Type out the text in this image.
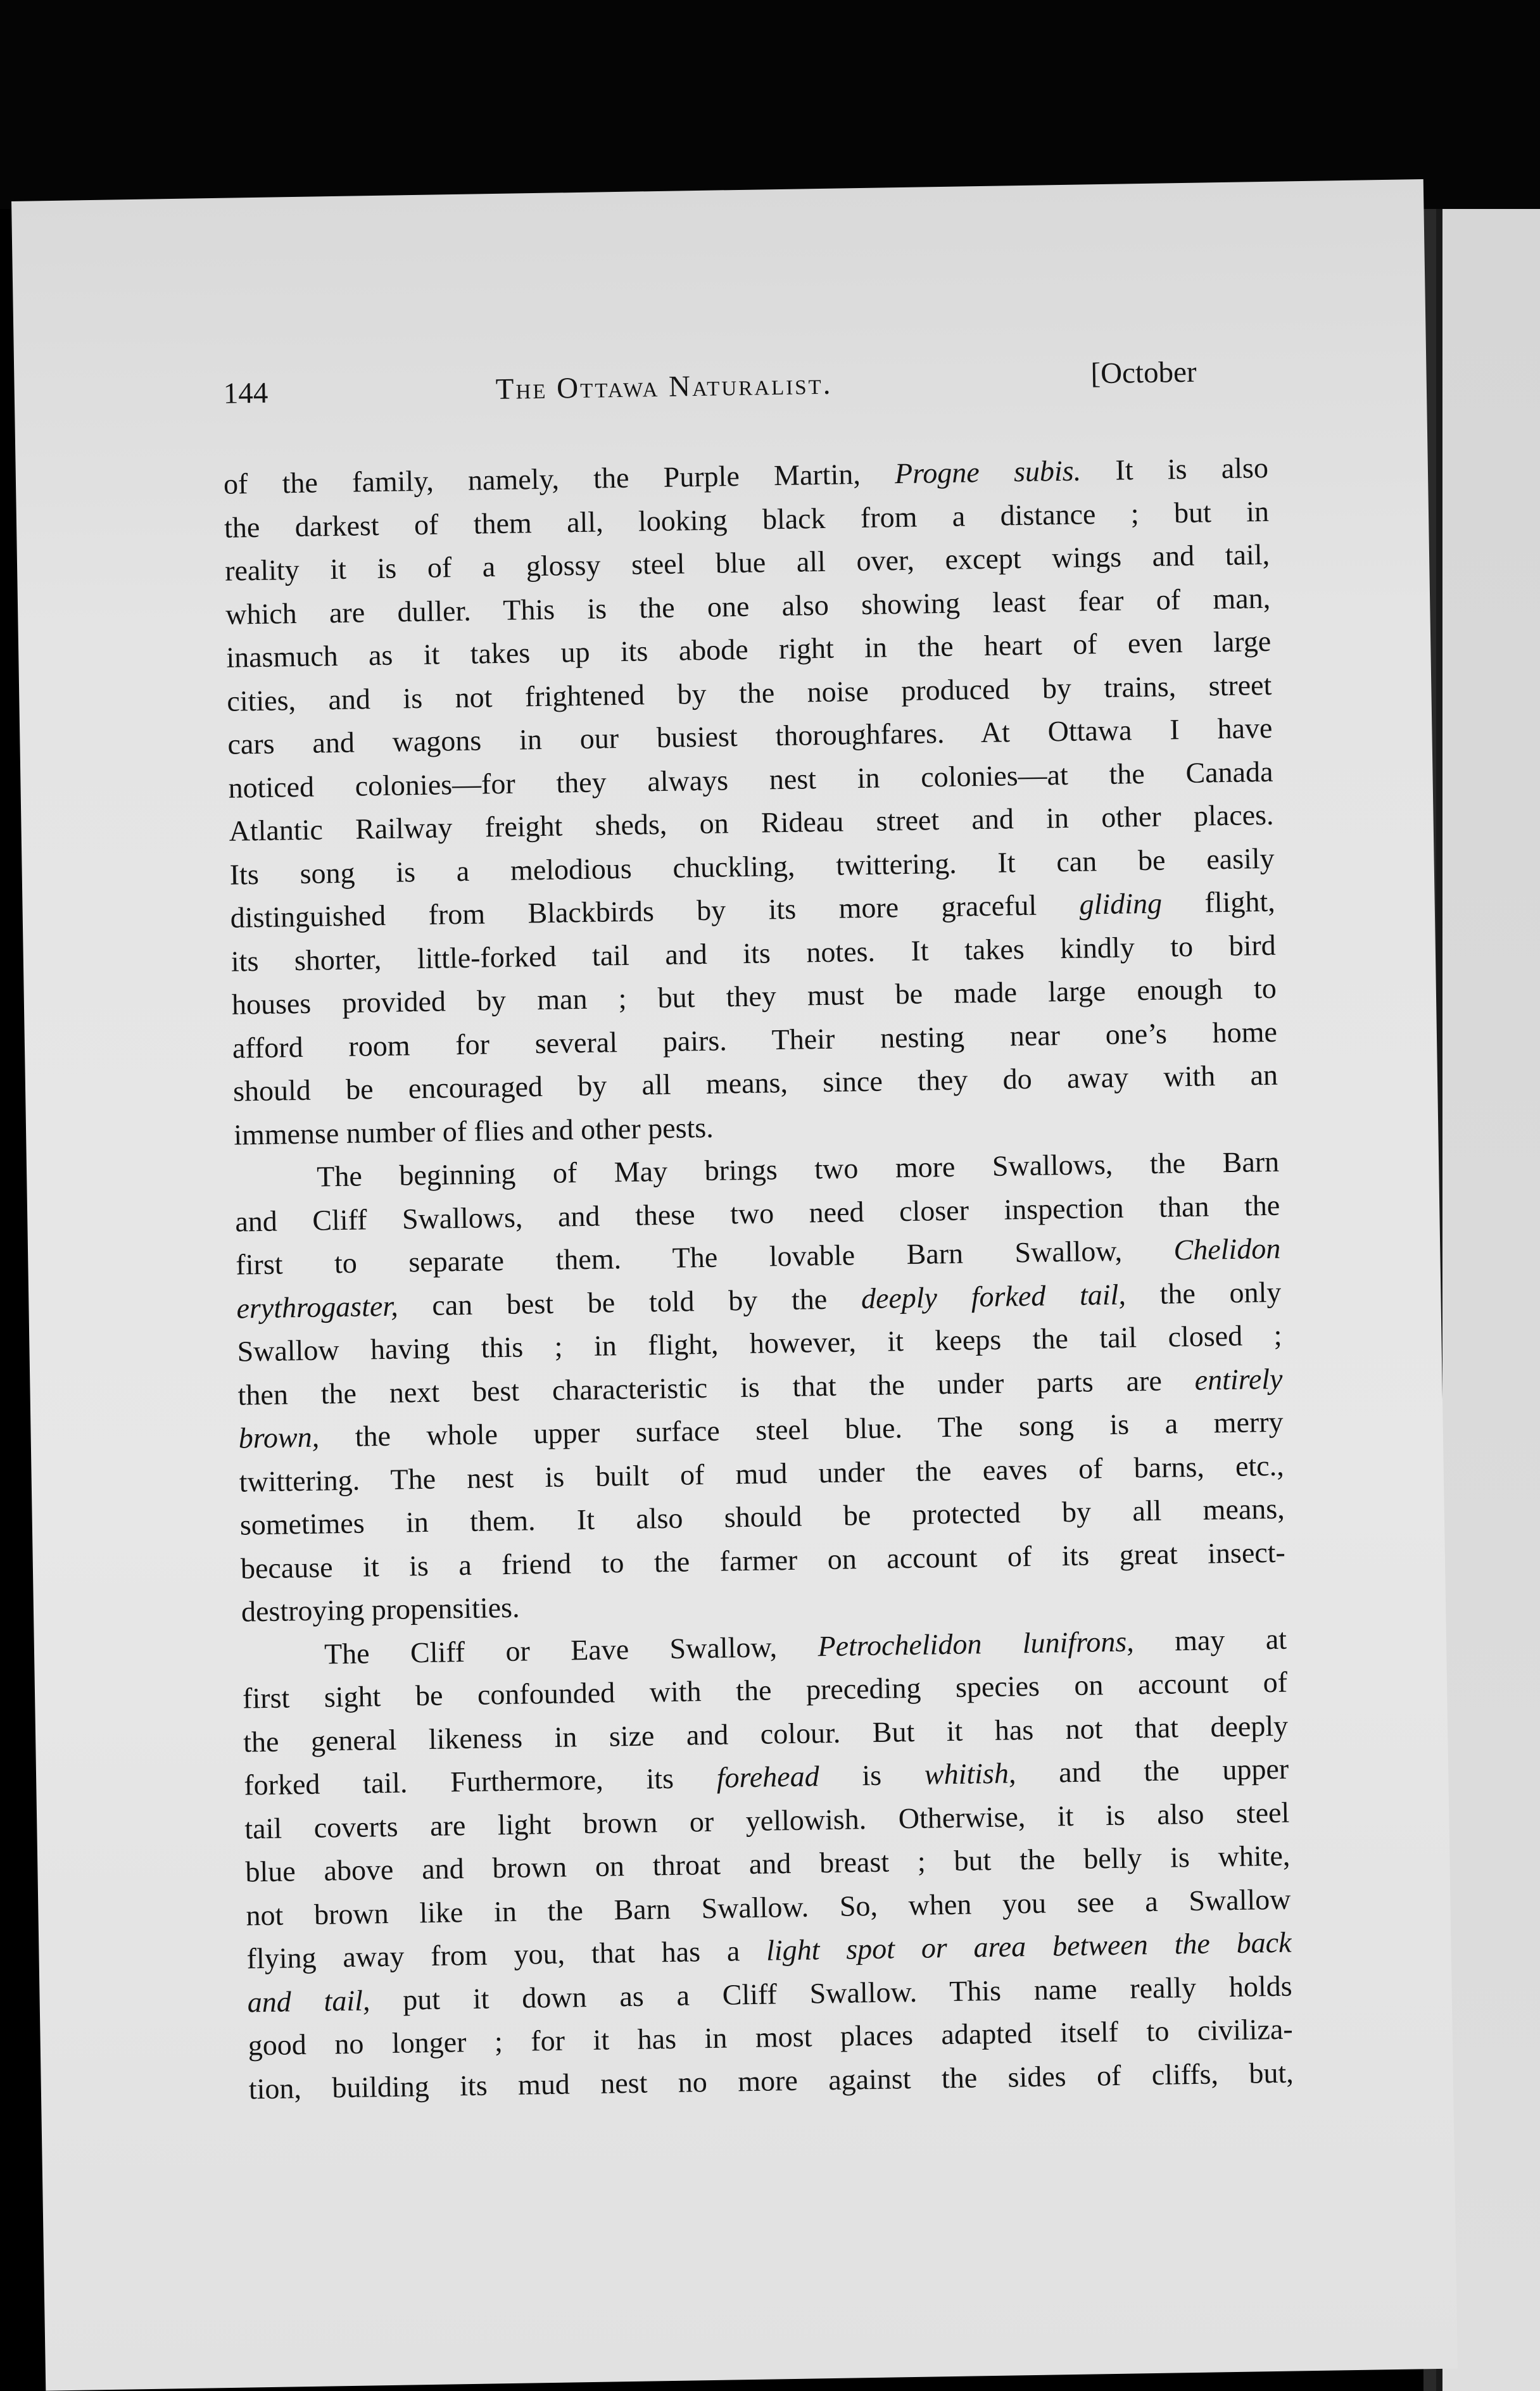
144	The Ottawa Naturalist.	[October
of the family, namely, the Purple Martin, Progne subis. It is also
the darkest of them all, looking black from a distance ; but in
reality it is of a glossy steel blue all over, except wings and tail,
which are duller. This is the one also showing least fear of man,
inasmuch as it takes up its abode right in the heart of even large
cities, and is not frightened by the noise produced by trains, street
cars and wagons in our busiest thoroughfares. At Ottawa I have
noticed colonies—for they always nest in colonies—at the Canada
Atlantic Railway freight sheds, on Rideau street and in other places.
Its song is a melodious chuckling, twittering. It can be easily
distinguished from Blackbirds by its more graceful gliding flight,
its shorter, little-forked tail and its notes. It takes kindly to bird
houses provided by man ; but they must be made large enough to
afford room for several pairs. Their nesting near one’s home
should be encouraged by all means, since they do away with an
immense number of flies and other pests.
The beginning of May brings two more Swallows, the Barn
and Cliff Swallows, and these two need closer inspection than the
first to separate them. The lovable Barn Swallow, Chelidon
erythrogaster, can best be told by the deeply forked tail, the only
Swallow having this ; in flight, however, it keeps the tail closed ;
then the next best characteristic is that the under parts are entirely
brown, the whole upper surface steel blue. The song is a merry
twittering. The nest is built of mud under the eaves of barns, etc.,
sometimes in them. It also should be protected by all means,
because it is a friend to the farmer on account of its great insect-
destroying propensities.
The Cliff or Eave Swallow, Petrochelidon lunifrons, may at
first sight be confounded with the preceding species on account of
the general likeness in size and colour. But it has not that deeply
forked tail. Furthermore, its forehead is whitish, and the upper
tail coverts are light brown or yellowish. Otherwise, it is also steel
blue above and brown on throat and breast ; but the belly is white,
not brown like in the Barn Swallow. So, when you see a Swallow
flying away from you, that has a light spot or area between the back
and tail, put it down as a Cliff Swallow. This name really holds
good no longer ; for it has in most places adapted itself to civiliza-
tion, building its mud nest no more against the sides of cliffs, but,
